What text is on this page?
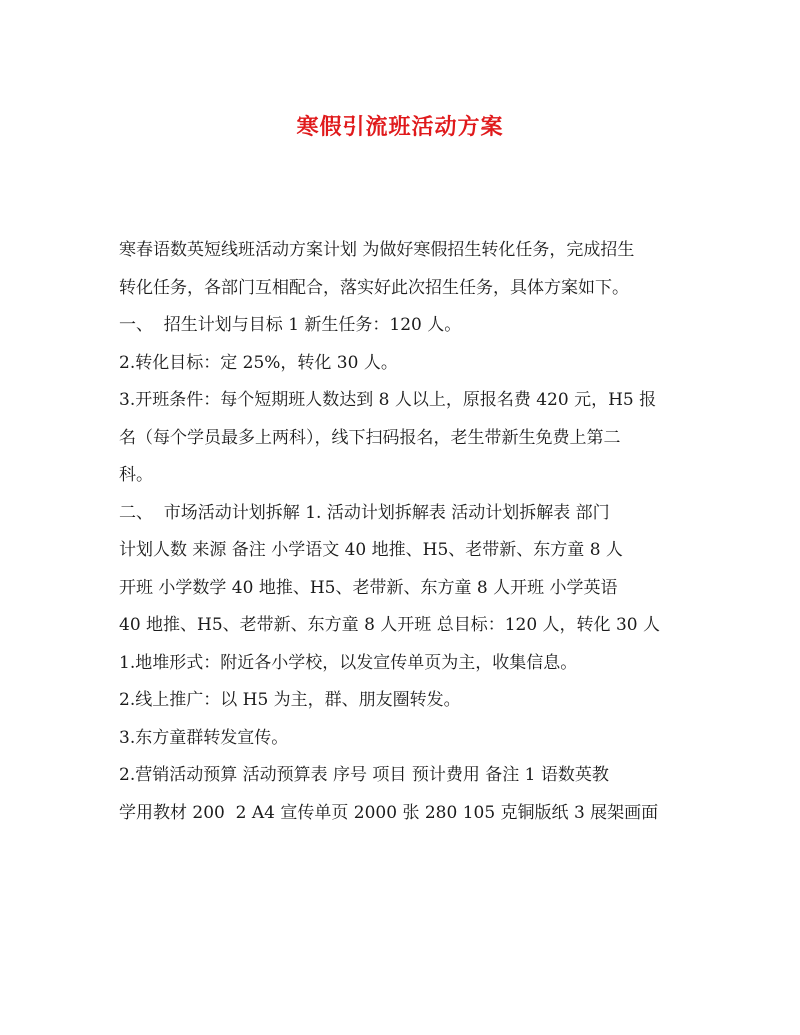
寒假引流班活动方案
寒春语数英短线班活动方案计划 为做好寒假招生转化任务，完成招生
转化任务，各部门互相配合，落实好此次招生任务，具体方案如下。
一、  招生计划与目标 1 新生任务：120 人。
2.转化目标：定 25%，转化 30 人。
3.开班条件：每个短期班人数达到 8 人以上，原报名费 420 元，H5 报
名（每个学员最多上两科），线下扫码报名，老生带新生免费上第二
科。
二、  市场活动计划拆解 1. 活动计划拆解表 活动计划拆解表 部门
计划人数 来源 备注 小学语文 40 地推、H5、老带新、东方童 8 人
开班 小学数学 40 地推、H5、老带新、东方童 8 人开班 小学英语
40 地推、H5、老带新、东方童 8 人开班 总目标：120 人，转化 30 人
1.地堆形式：附近各小学校，以发宣传单页为主，收集信息。
2.线上推广：以 H5 为主，群、朋友圈转发。
3.东方童群转发宣传。
2.营销活动预算 活动预算表 序号 项目 预计费用 备注 1 语数英教
学用教材 200  2 A4 宣传单页 2000 张 280 105 克铜版纸 3 展架画面
